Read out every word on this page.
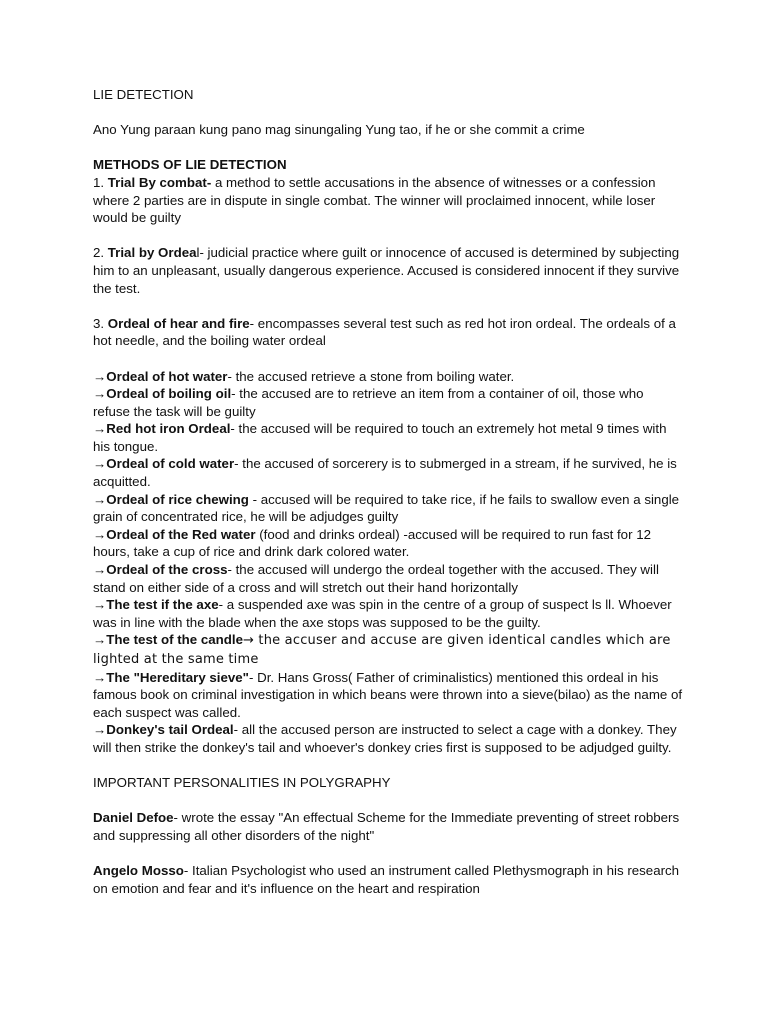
LIE DETECTION

Ano Yung paraan kung pano mag sinungaling Yung tao, if he or she commit a crime

METHODS OF LIE DETECTION

1. Trial By combat- a method to settle accusations in the absence of witnesses or a confession where 2 parties are in dispute in single combat. The winner will proclaimed innocent, while loser would be guilty

2. Trial by Ordeal- judicial practice where guilt or innocence of accused is determined by subjecting him to an unpleasant, usually dangerous experience. Accused is considered innocent if they survive the test.

3. Ordeal of hear and fire- encompasses several test such as red hot iron ordeal. The ordeals of a hot needle, and the boiling water ordeal

→Ordeal of hot water- the accused retrieve a stone from boiling water.

→Ordeal of boiling oil- the accused are to retrieve an item from a container of oil, those who refuse the task will be guilty

→Red hot iron Ordeal- the accused will be required to touch an extremely hot metal 9 times with his tongue.

→Ordeal of cold water- the accused of sorcerery is to submerged in a stream, if he survived, he is acquitted.

→Ordeal of rice chewing - accused will be required to take rice, if he fails to swallow even a single grain of concentrated rice, he will be adjudges guilty

→Ordeal of the Red water (food and drinks ordeal) -accused will be required to run fast for 12 hours, take a cup of rice and drink dark colored water.

→Ordeal of the cross- the accused will undergo the ordeal together with the accused. They will stand on either side of a cross and will stretch out their hand horizontally

→The test if the axe- a suspended axe was spin in the centre of a group of suspect ls ll. Whoever was in line with the blade when the axe stops was supposed to be the guilty.

→The test of the candle→ the accuser and accuse are given identical candles which are lighted at the same time

→The "Hereditary sieve"- Dr. Hans Gross( Father of criminalistics) mentioned this ordeal in his famous book on criminal investigation in which beans were thrown into a sieve(bilao) as the name of each suspect was called.

→Donkey's tail Ordeal- all the accused person are instructed to select a cage with a donkey. They will then strike the donkey's tail and whoever's donkey cries first is supposed to be adjudged guilty.

IMPORTANT PERSONALITIES IN POLYGRAPHY

Daniel Defoe- wrote the essay "An effectual Scheme for the Immediate preventing of street robbers and suppressing all other disorders of the night"

Angelo Mosso- Italian Psychologist who used an instrument called Plethysmograph in his research on emotion and fear and it's influence on the heart and respiration
